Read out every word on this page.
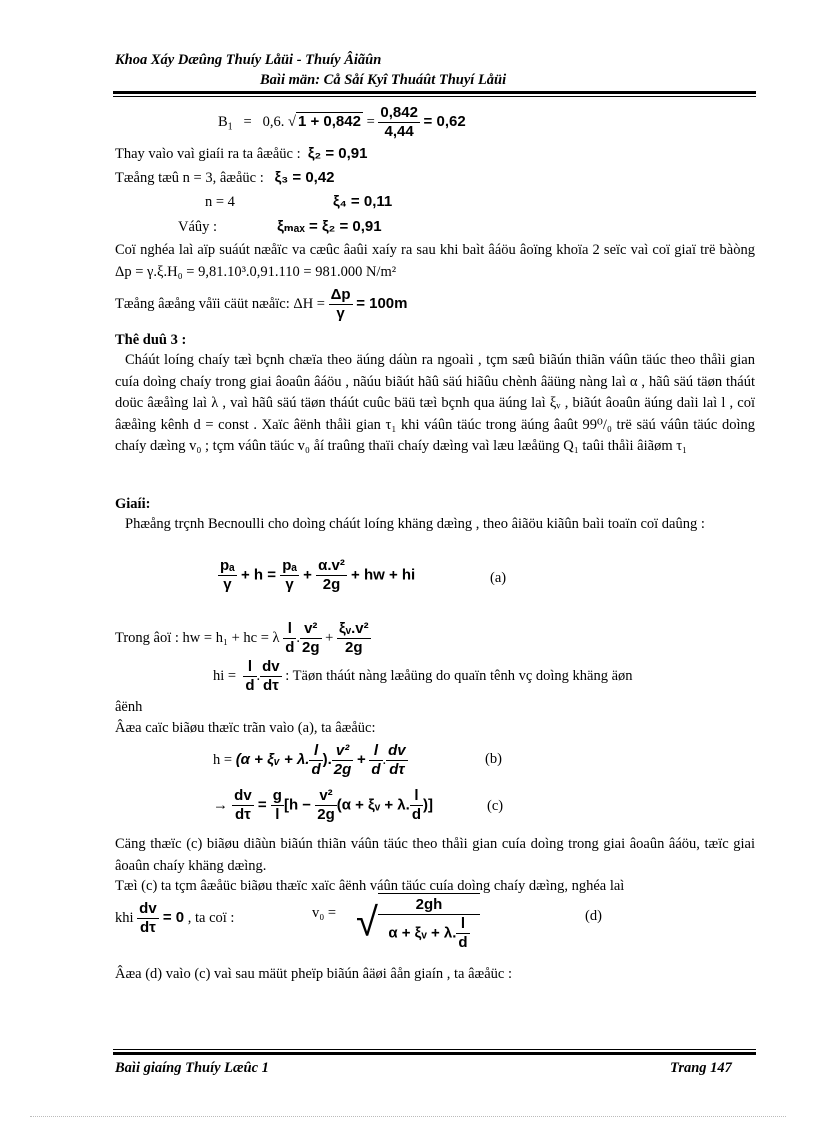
Khoa Xáy Dæûng Thuíy Låüi - Thuíy Âiãûn
Baìi män: Cå Såí Kyî Thuáût Thuyí Låüi
$B_1 = 0,6$. √ $1 + 0,842 = \frac{0,842}{4,44} = 0,62$
Thay vaìo vaì giaíi ra ta âæåüc : ξ₂ = 0,91
Tæång tæû n = 3, âæåüc : ξ₃ = 0,42
n = 4	ξ₄ = 0,11
Váûy :	ξₘₐₓ = ξ₂ = 0,91
Coï nghéa laì aïp suáút næåïc va cæûc âaûi xaíy ra sau khi baìt âáöu âoïng khoïa 2 seïc vaì coï giaï trë bàòng Δp = γ.ξ.H₀ = 9,81.10³.0,91.110 = 981.000 N/m²
Tæång âæång våïi cäüt næåïc: $\Delta H = \frac{\Delta p}{\gamma} = 100m$
Thê duû 3 :
Cháút loíng chaíy tæì bçnh chæïa theo äúng dáùn ra ngoaìi , tçm sæû biãún thiãn váûn täúc theo thåìi gian cuía doìng chaíy trong giai âoaûn âáöu , nãúu biãút hãû säú hiãûu chènh âäüng nàng laì α , hãû säú täøn tháút doüc âæåìng laì λ , vaì hãû säú täøn tháút cuûc bäü tæì bçnh qua äúng laì ξᵥ , biãút âoaûn äúng daìi laì l , coï âæåìng kênh d = const . Xaïc âënh thåìi gian τ₁ khi váûn täúc trong äúng âaût 99⁰/₀ trë säú váûn täúc doìng chaíy dæìng v₀ ; tçm váûn täúc v₀ åí traûng thaïi chaíy dæìng vaì læu læåüng Q₁ taûi thåìi âiãøm τ₁
Giaíi:
Phæång trçnh Becnoulli cho doìng cháút loíng khäng dæìng , theo âiãöu kiãûn baìi toaïn coï daûng :
$\frac{\text{pₐ}}{\gamma} + h = \frac{\text{pₐ}}{\gamma} + \frac{\text{α.v²}}{2g}$ + hw + hi	(a)
Trong âoï : hw = h₁ + hc = λ $\frac{l}{d}$ . $\frac{\text{v²}}{2g} + \frac{\text{ξᵥ.v²}}{2g}$
hi = $\frac{l}{d}$ . $\frac{dv}{d\tau}$ : Täøn tháút nàng læåüng do quaïn tênh vç doìng khäng äøn
âënh
Âæa caïc biãøu thæïc trãn vaìo (a), ta âæåüc:
h = (α + ξᵥ + λ. $\frac{l}{d}$ ). $\frac{\text{v²}}{2g} + \frac{l}{d}$ . $\frac{dv}{d\tau}$	(b)
→ $\frac{dv}{d\tau} = \frac{g}{l} [h - \frac{\text{v²}}{2g} (\alpha$ + ξᵥ + λ. $\frac{l}{d}$ )]	(c)
Cäng thæïc (c) biãøu diãùn biãún thiãn váûn täúc theo thåìi gian cuía doìng trong giai âoaûn âáöu, tæïc giai âoaûn chaíy khäng dæìng.
Tæì (c) ta tçm âæåüc biãøu thæïc xaïc âënh váûn täúc cuía doìng chaíy dæìng, nghéa laì
khi $\frac{dv}{d\tau} = 0$ , ta coï :	v₀ = √ $\frac{2gh}{\alpha + \xi ᵥ + \lambda. \frac{l}{d}}$	(d)
Âæa (d) vaìo (c) vaì sau mäüt pheïp biãún âäøi âån giaín , ta âæåüc :
Baìi giaíng Thuíy Læûc 1	Trang 147
